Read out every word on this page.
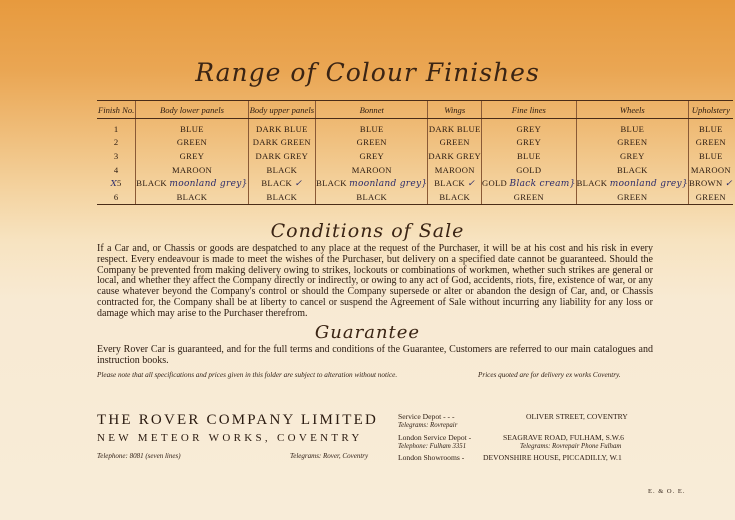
Range of Colour Finishes
Finish No.	Body lower panels	Body upper panels	Bonnet	Wings	Fine lines	Wheels	Upholstery
1	BLUE	DARK BLUE	BLUE	DARK BLUE	GREY	BLUE	BLUE
2	GREEN	DARK GREEN	GREEN	GREEN	GREY	GREEN	GREEN
3	GREY	DARK GREY	GREY	DARK GREY	BLUE	GREY	BLUE
4	MAROON	BLACK	MAROON	MAROON	GOLD	BLACK	MAROON
X5	BLACK moonland grey}	BLACK ✓	BLACK moonland grey}	BLACK ✓	GOLD Black cream}	BLACK moonland grey}	BROWN ✓
6	BLACK	BLACK	BLACK	BLACK	GREEN	GREEN	GREEN
Conditions of Sale

If a Car and, or Chassis or goods are despatched to any place at the request of the Purchaser, it will be at his cost and his risk in every respect. Every endeavour is made to meet the wishes of the Purchaser, but delivery on a specified date cannot be guaranteed. Should the Company be prevented from making delivery owing to strikes, lockouts or combinations of workmen, whether such strikes are general or local, and whether they affect the Company directly or indirectly, or owing to any act of God, accidents, riots, fire, existence of war, or any cause whatever beyond the Company's control or should the Company supersede or alter or abandon the design of Car, and, or Chassis contracted for, the Company shall be at liberty to cancel or suspend the Agreement of Sale without incurring any liability for any loss or damage which may arise to the Purchaser therefrom.

Guarantee

Every Rover Car is guaranteed, and for the full terms and conditions of the Guarantee, Customers are referred to our main catalogues and instruction books.

Please note that all specifications and prices given in this folder are subject to alteration without notice.	Prices quoted are for delivery ex works Coventry.
THE ROVER COMPANY LIMITED
NEW METEOR WORKS, COVENTRY
Telephone: 8081 (seven lines)	Telegrams: Rover, Coventry
Service Depot - - -	OLIVER STREET, COVENTRY
Telegrams: Rovrepair
London Service Depot -	SEAGRAVE ROAD, FULHAM, S.W.6
Telephone: Fulham 3351	Telegrams: Rovrepair Phone Fulham
London Showrooms - DEVONSHIRE HOUSE, PICCADILLY, W.1
E. & O. E.
